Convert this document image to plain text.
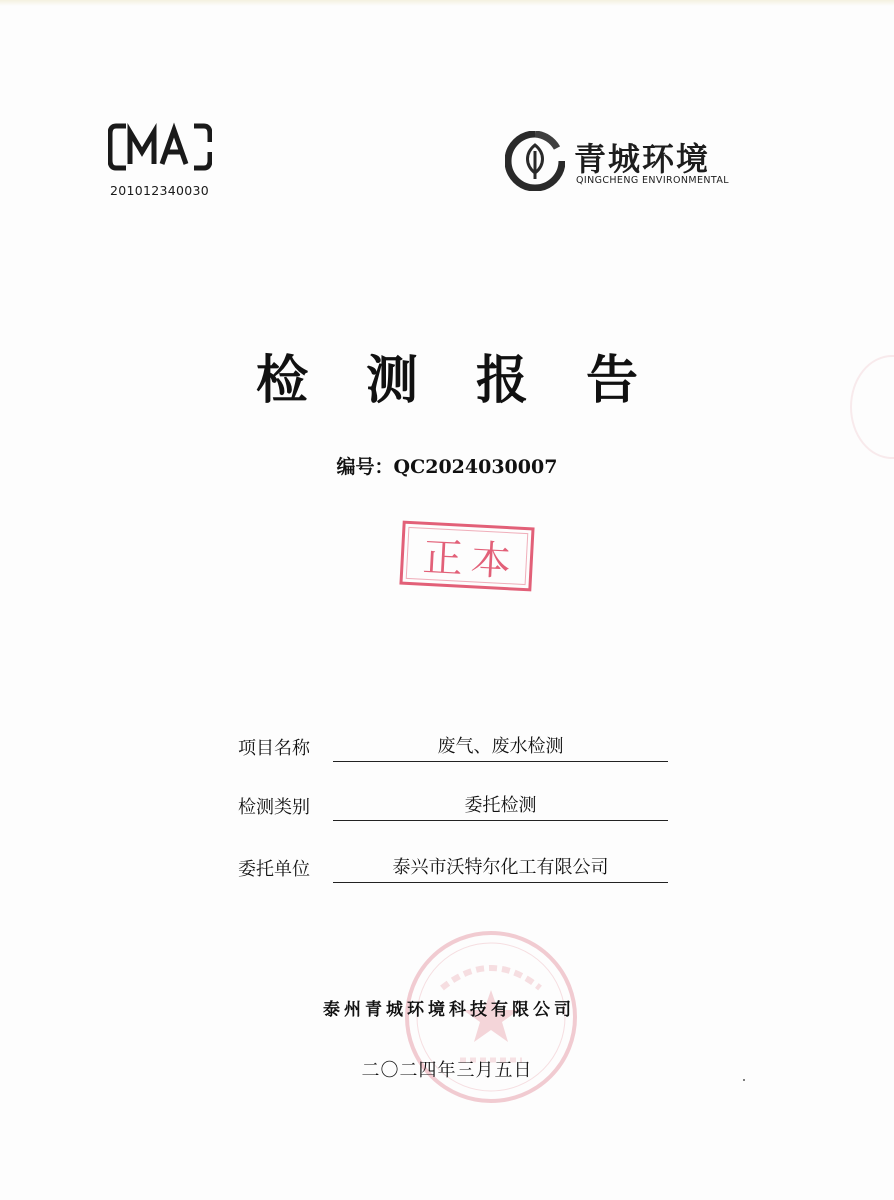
201012340030
青城环境
QINGCHENG ENVIRONMENTAL
检测报告
编号：QC2024030007
正本
项目名称	废气、废水检测
检测类别	委托检测
委托单位	泰兴市沃特尔化工有限公司
泰州青城环境科技有限公司
二〇二四年三月五日
